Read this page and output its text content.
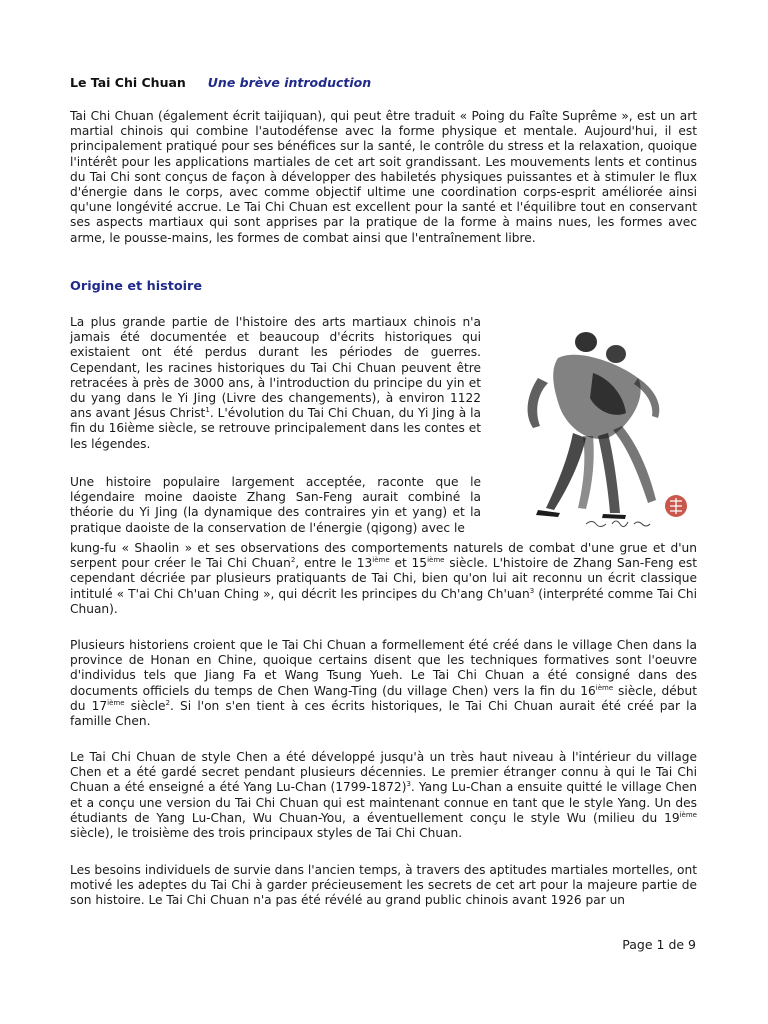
Le Tai Chi Chuan Une brève introduction

Tai Chi Chuan (également écrit taijiquan), qui peut être traduit « Poing du Faîte Suprême », est un art martial chinois qui combine l'autodéfense avec la forme physique et mentale. Aujourd'hui, il est principalement pratiqué pour ses bénéfices sur la santé, le contrôle du stress et la relaxation, quoique l'intérêt pour les applications martiales de cet art soit grandissant. Les mouvements lents et continus du Tai Chi sont conçus de façon à développer des habiletés physiques puissantes et à stimuler le flux d'énergie dans le corps, avec comme objectif ultime une coordination corps-esprit améliorée ainsi qu'une longévité accrue. Le Tai Chi Chuan est excellent pour la santé et l'équilibre tout en conservant ses aspects martiaux qui sont apprises par la pratique de la forme à mains nues, les formes avec arme, le pousse-mains, les formes de combat ainsi que l'entraînement libre.

Origine et histoire

La plus grande partie de l'histoire des arts martiaux chinois n'a jamais été documentée et beaucoup d'écrits historiques qui existaient ont été perdus durant les périodes de guerres. Cependant, les racines historiques du Tai Chi Chuan peuvent être retracées à près de 3000 ans, à l'introduction du principe du yin et du yang dans le Yi Jing (Livre des changements), à environ 1122 ans avant Jésus Christ$^1$. L'évolution du Tai Chi Chuan, du Yi Jing à la fin du 16ième siècle, se retrouve principalement dans les contes et les légendes.

Une histoire populaire largement acceptée, raconte que le légendaire moine daoiste Zhang San-Feng aurait combiné la théorie du Yi Jing (la dynamique des contraires yin et yang) et la pratique daoiste de la conservation de l'énergie (qigong) avec le

kung-fu « Shaolin » et ses observations des comportements naturels de combat d'une grue et d'un serpent pour créer le Tai Chi Chuan$^2$, entre le 13ième et 15ième siècle. L'histoire de Zhang San-Feng est cependant décriée par plusieurs pratiquants de Tai Chi, bien qu'on lui ait reconnu un écrit classique intitulé « T'ai Chi Ch'uan Ching », qui décrit les principes du Ch'ang Ch'uan$^3$ (interprété comme Tai Chi Chuan).

Plusieurs historiens croient que le Tai Chi Chuan a formellement été créé dans le village Chen dans la province de Honan en Chine, quoique certains disent que les techniques formatives sont l'oeuvre d'individus tels que Jiang Fa et Wang Tsung Yueh. Le Tai Chi Chuan a été consigné dans des documents officiels du temps de Chen Wang-Ting (du village Chen) vers la fin du 16ième siècle, début du 17ième siècle$^2$. Si l'on s'en tient à ces écrits historiques, le Tai Chi Chuan aurait été créé par la famille Chen.

Le Tai Chi Chuan de style Chen a été développé jusqu'à un très haut niveau à l'intérieur du village Chen et a été gardé secret pendant plusieurs décennies. Le premier étranger connu à qui le Tai Chi Chuan a été enseigné a été Yang Lu-Chan (1799-1872)$^3$. Yang Lu-Chan a ensuite quitté le village Chen et a conçu une version du Tai Chi Chuan qui est maintenant connue en tant que le style Yang. Un des étudiants de Yang Lu-Chan, Wu Chuan-You, a éventuellement conçu le style Wu (milieu du 19ième siècle), le troisième des trois principaux styles de Tai Chi Chuan.

Les besoins individuels de survie dans l'ancien temps, à travers des aptitudes martiales mortelles, ont motivé les adeptes du Tai Chi à garder précieusement les secrets de cet art pour la majeure partie de son histoire. Le Tai Chi Chuan n'a pas été révélé au grand public chinois avant 1926 par un

Page 1 de 9
